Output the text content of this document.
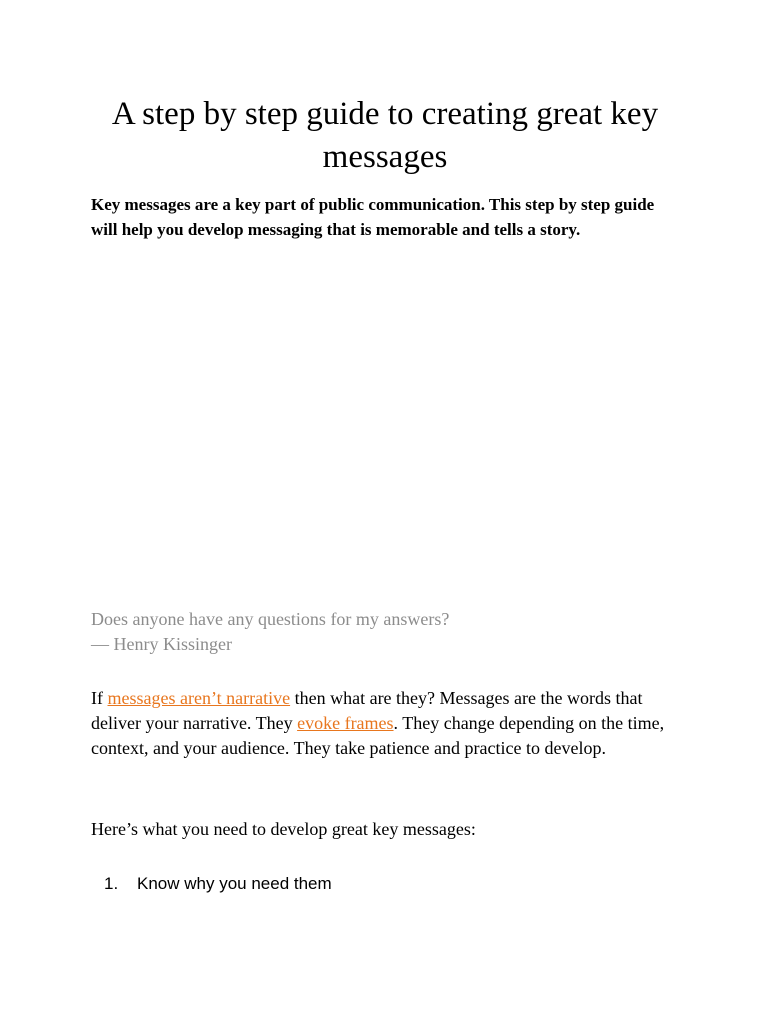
A step by step guide to creating great key messages

Key messages are a key part of public communication. This step by step guide will help you develop messaging that is memorable and tells a story.

Does anyone have any questions for my answers?
— Henry Kissinger

If messages aren’t narrative then what are they? Messages are the words that deliver your narrative. They evoke frames. They change depending on the time, context, and your audience. They take patience and practice to develop.

Here’s what you need to develop great key messages:

1.	Know why you need them
